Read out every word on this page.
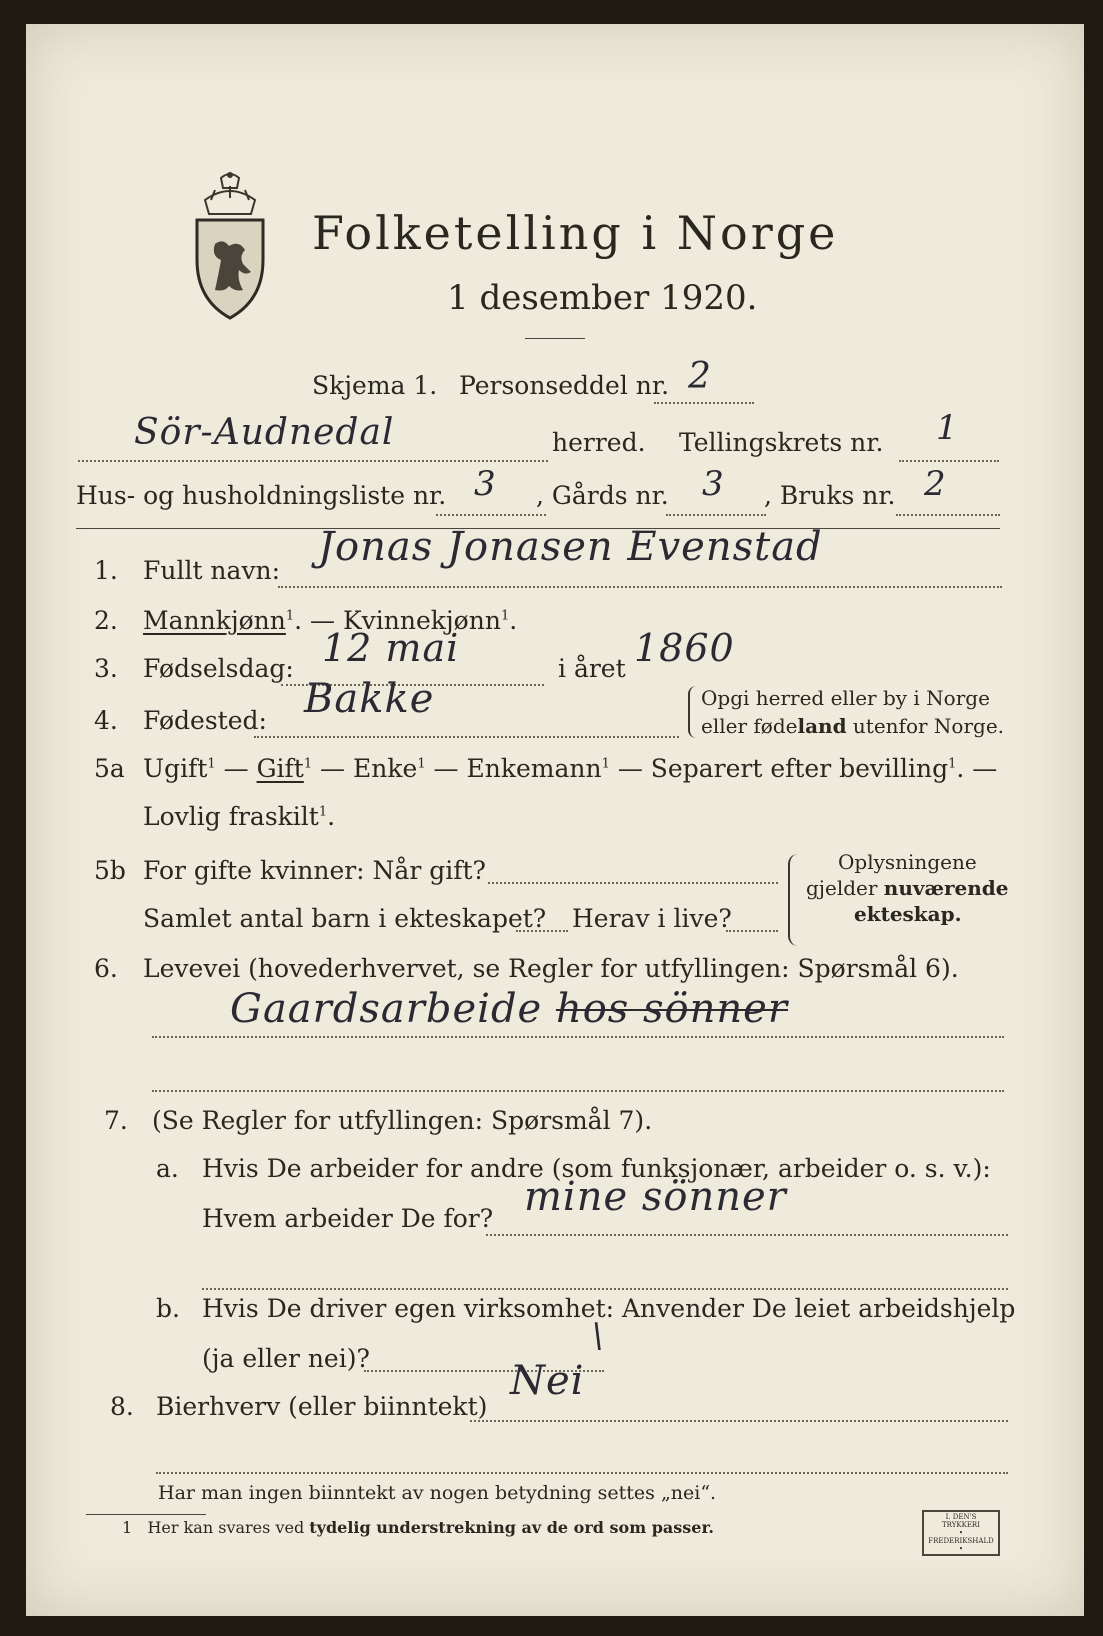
Folketelling i Norge
1 desember 1920.
Skjema 1. Personseddel nr. 2
Sör-Audnedal	herred. Tellingskrets nr. 1
Hus- og husholdningsliste nr. 3 , Gårds nr. 3 , Bruks nr. 2
1. Fullt navn:
Jonas Jonasen Evenstad
2. Mannkjønn$^1$. — Kvinnekjønn$^1$.
3. Fødselsdag: 12 mai	i året 1860
4. Fødested: Bakke	Opgi herred eller by i Norge
eller fødeland utenfor Norge.
5a Ugift$^1$ — Gift$^1$ — Enke$^1$ — Enkemann$^1$ — Separert efter bevilling$^1$. —
Lovlig fraskilt$^1$.
5b For gifte kvinner: Når gift?
Samlet antal barn i ekteskapet? Herav i live?
Oplysningene
gjelder nuværende
ekteskap.
6. Levevei (hovederhvervet, se Regler for utfyllingen: Spørsmål 6).
Gaardsarbeide hos sönner
7. (Se Regler for utfyllingen: Spørsmål 7).
a. Hvis De arbeider for andre (som funksjonær, arbeider o. s. v.):
Hvem arbeider De for? mine sönner
b. Hvis De driver egen virksomhet: Anvender De leiet arbeidshjelp
(ja eller nei)?
\
8. Bierhverv (eller biinntekt)
Nei
Har man ingen biinntekt av nogen betydning settes „nei“.
1 Her kan svares ved tydelig understrekning av de ord som passer.
I. DEN'S TRYKKERI
• FREDERIKSHALD •
